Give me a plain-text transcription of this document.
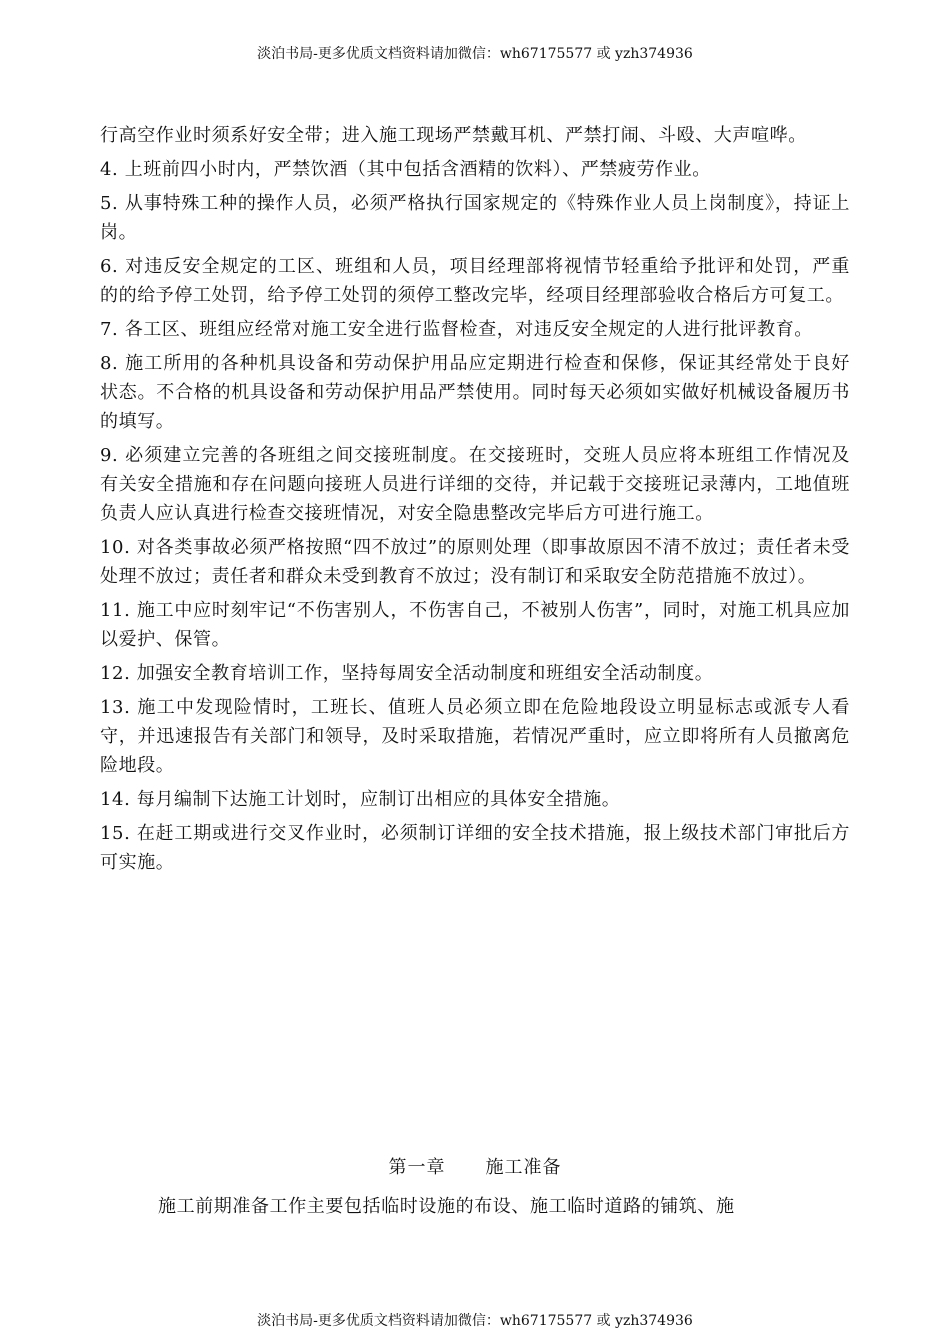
淡泊书局-更多优质文档资料请加微信：wh67175577 或 yzh374936

行高空作业时须系好安全带；进入施工现场严禁戴耳机、严禁打闹、斗殴、大声喧哗。

4. 上班前四小时内，严禁饮酒（其中包括含酒精的饮料）、严禁疲劳作业。

5. 从事特殊工种的操作人员，必须严格执行国家规定的《特殊作业人员上岗制度》，持证上岗。

6. 对违反安全规定的工区、班组和人员，项目经理部将视情节轻重给予批评和处罚，严重的的给予停工处罚，给予停工处罚的须停工整改完毕，经项目经理部验收合格后方可复工。

7. 各工区、班组应经常对施工安全进行监督检查，对违反安全规定的人进行批评教育。

8. 施工所用的各种机具设备和劳动保护用品应定期进行检查和保修，保证其经常处于良好状态。不合格的机具设备和劳动保护用品严禁使用。同时每天必须如实做好机械设备履历书的填写。

9. 必须建立完善的各班组之间交接班制度。在交接班时，交班人员应将本班组工作情况及有关安全措施和存在问题向接班人员进行详细的交待，并记载于交接班记录薄内，工地值班负责人应认真进行检查交接班情况，对安全隐患整改完毕后方可进行施工。

10. 对各类事故必须严格按照“四不放过”的原则处理（即事故原因不清不放过；责任者未受处理不放过；责任者和群众未受到教育不放过；没有制订和采取安全防范措施不放过）。

11. 施工中应时刻牢记“不伤害别人，不伤害自己，不被别人伤害”，同时，对施工机具应加以爱护、保管。

12. 加强安全教育培训工作，坚持每周安全活动制度和班组安全活动制度。

13. 施工中发现险情时，工班长、值班人员必须立即在危险地段设立明显标志或派专人看守，并迅速报告有关部门和领导，及时采取措施，若情况严重时，应立即将所有人员撤离危险地段。

14. 每月编制下达施工计划时，应制订出相应的具体安全措施。

15. 在赶工期或进行交叉作业时，必须制订详细的安全技术措施，报上级技术部门审批后方可实施。

第一章 施工准备
施工前期准备工作主要包括临时设施的布设、施工临时道路的铺筑、施
淡泊书局-更多优质文档资料请加微信：wh67175577 或 yzh374936
